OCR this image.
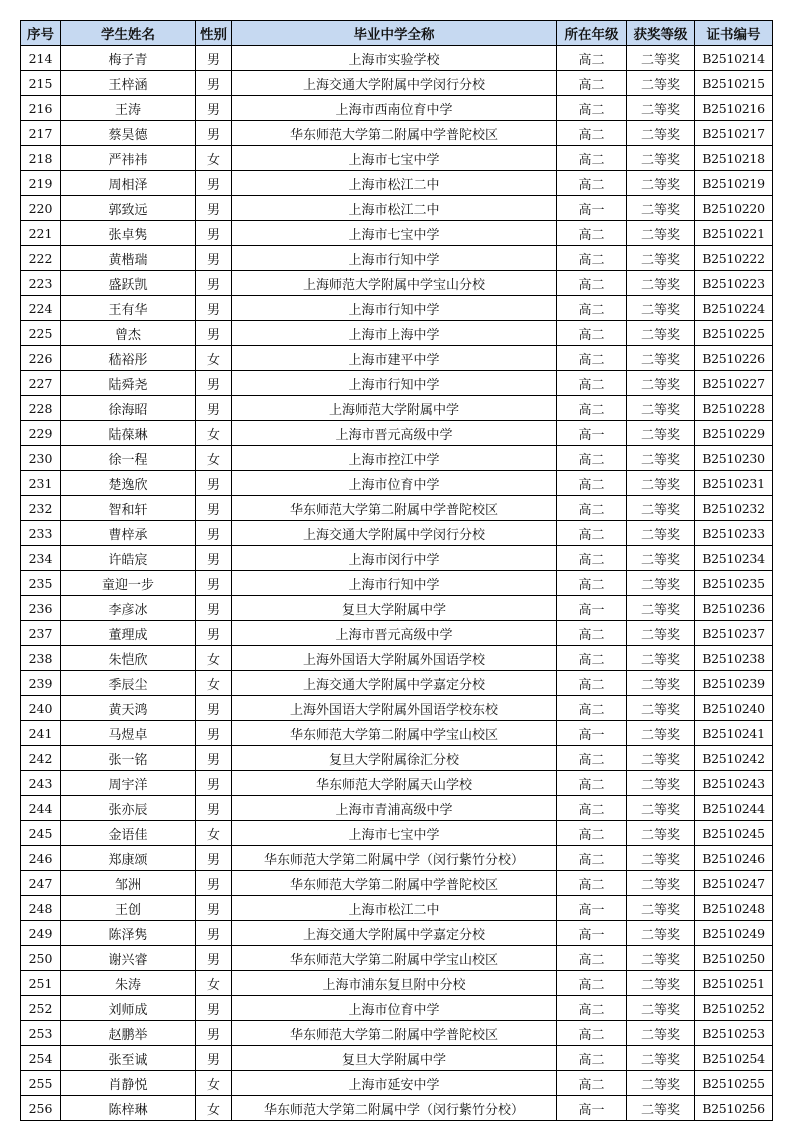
序号	学生姓名	性别	毕业中学全称	所在年级	获奖等级	证书编号
214	梅子青	男	上海市实验学校	高二	二等奖	B2510214
215	王梓涵	男	上海交通大学附属中学闵行分校	高二	二等奖	B2510215
216	王涛	男	上海市西南位育中学	高二	二等奖	B2510216
217	蔡昊德	男	华东师范大学第二附属中学普陀校区	高二	二等奖	B2510217
218	严祎祎	女	上海市七宝中学	高二	二等奖	B2510218
219	周相泽	男	上海市松江二中	高二	二等奖	B2510219
220	郭致远	男	上海市松江二中	高一	二等奖	B2510220
221	张卓隽	男	上海市七宝中学	高二	二等奖	B2510221
222	黄楷瑞	男	上海市行知中学	高二	二等奖	B2510222
223	盛跃凯	男	上海师范大学附属中学宝山分校	高二	二等奖	B2510223
224	王有华	男	上海市行知中学	高二	二等奖	B2510224
225	曾杰	男	上海市上海中学	高二	二等奖	B2510225
226	嵇裕彤	女	上海市建平中学	高二	二等奖	B2510226
227	陆舜尧	男	上海市行知中学	高二	二等奖	B2510227
228	徐海昭	男	上海师范大学附属中学	高二	二等奖	B2510228
229	陆葆琳	女	上海市晋元高级中学	高一	二等奖	B2510229
230	徐一程	女	上海市控江中学	高二	二等奖	B2510230
231	楚逸欣	男	上海市位育中学	高二	二等奖	B2510231
232	智和轩	男	华东师范大学第二附属中学普陀校区	高二	二等奖	B2510232
233	曹梓承	男	上海交通大学附属中学闵行分校	高二	二等奖	B2510233
234	许皓宸	男	上海市闵行中学	高二	二等奖	B2510234
235	童迎一步	男	上海市行知中学	高二	二等奖	B2510235
236	李彦冰	男	复旦大学附属中学	高一	二等奖	B2510236
237	董理成	男	上海市晋元高级中学	高二	二等奖	B2510237
238	朱恺欣	女	上海外国语大学附属外国语学校	高二	二等奖	B2510238
239	季辰尘	女	上海交通大学附属中学嘉定分校	高二	二等奖	B2510239
240	黄天鸿	男	上海外国语大学附属外国语学校东校	高二	二等奖	B2510240
241	马煜卓	男	华东师范大学第二附属中学宝山校区	高一	二等奖	B2510241
242	张一铭	男	复旦大学附属徐汇分校	高二	二等奖	B2510242
243	周宇洋	男	华东师范大学附属天山学校	高二	二等奖	B2510243
244	张亦辰	男	上海市青浦高级中学	高二	二等奖	B2510244
245	金语佳	女	上海市七宝中学	高二	二等奖	B2510245
246	郑康颂	男	华东师范大学第二附属中学（闵行紫竹分校）	高二	二等奖	B2510246
247	邹洲	男	华东师范大学第二附属中学普陀校区	高二	二等奖	B2510247
248	王创	男	上海市松江二中	高一	二等奖	B2510248
249	陈泽隽	男	上海交通大学附属中学嘉定分校	高一	二等奖	B2510249
250	谢兴睿	男	华东师范大学第二附属中学宝山校区	高二	二等奖	B2510250
251	朱涛	女	上海市浦东复旦附中分校	高二	二等奖	B2510251
252	刘师成	男	上海市位育中学	高二	二等奖	B2510252
253	赵鹏举	男	华东师范大学第二附属中学普陀校区	高二	二等奖	B2510253
254	张至诚	男	复旦大学附属中学	高二	二等奖	B2510254
255	肖静悦	女	上海市延安中学	高二	二等奖	B2510255
256	陈梓琳	女	华东师范大学第二附属中学（闵行紫竹分校）	高一	二等奖	B2510256
